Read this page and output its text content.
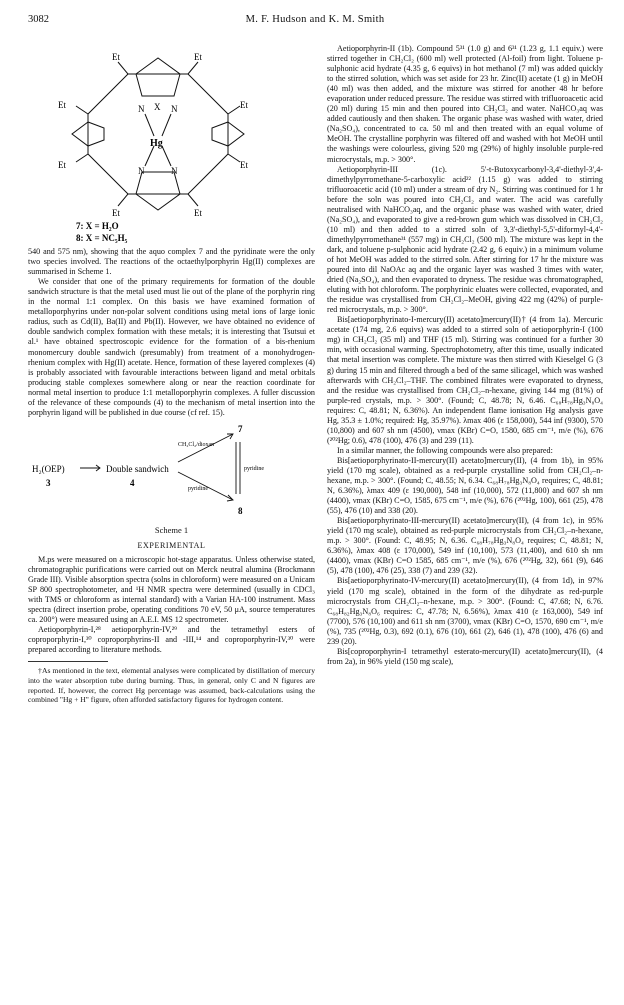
3082	M. F. Hudson and K. M. Smith
Et	Et
Et	Et
Et	Et
Et	Et
N	N
N	N
X
Hg
7: X = H₂O
8: X = NC₅H₅

540 and 575 nm), showing that the aquo complex 7 and the pyridinate were the only two species involved. The reactions of the octaethylporphyrin Hg(II) complexes are summarised in Scheme 1.

We consider that one of the primary requirements for formation of the double sandwich structure is that the metal used must lie out of the plane of the porphyrin ring in the normal 1:1 complex. On this basis we have examined formation of metalloporphyrins under non-polar solvent conditions using metal ions of large ionic radius, such as Cd(II), Ba(II) and Pb(II). However, we have obtained no evidence of double sandwich complex formation with these metals; it is interesting that Tsutsui et al.¹ have obtained spectroscopic evidence for the formation of a bis-rhenium monomercury double sandwich (presumably) from treatment of a monohydrogen-rhenium complex with Hg(II) acetate. Hence, formation of these layered complexes (4) is probably associated with favourable interactions between ligand and metal orbitals producing stable complexes somewhere along or near the reaction coordinate for normal metal insertion to produce 1:1 metalloporphyrin complexes. A fuller discussion of the relevance of these compounds (4) to the mechanism of metal insertion into the porphyrin ligand will be published in due course (cf ref. 15).

H₂(OEP)
3
Double sandwich
4
7
8
CH₂Cl₂/dioxan
pyridine
pyridine
Scheme 1
EXPERIMENTAL

M.ps were measured on a microscopic hot-stage apparatus. Unless otherwise stated, chromatographic purifications were carried out on Merck neutral alumina (Brockmann Grade III). Visible absorption spectra (solns in chloroform) were measured on a Unicam SP 800 spectrophotometer, and ¹H NMR spectra were determined (usually in CDCl₃ with TMS or chloroform as internal standard) with a Varian HA-100 instrument. Mass spectra (direct insertion probe, operating conditions 70 eV, 50 μA, source temperatures ca. 200°) were measured using an A.E.I. MS 12 spectrometer.

Aetioporphyrin-I,²⁸ aetioporphyrin-IV,²⁹ and the tetramethyl esters of coproporphyrin-I,³⁰ coproporphyrins-II and -III,¹⁴ and coproporphyrin-IV,³⁰ were prepared according to literature methods.

†As mentioned in the text, elemental analyses were complicated by distillation of mercury into the water absorption tube during burning. Thus, in general, only C and N figures are reported. If, however, the correct Hg percentage was assumed, back-calculations using the combined "Hg + H" figure, often afforded satisfactory figures for hydrogen content.

Aetioporphyrin-II (1b). Compound 5³¹ (1.0 g) and 6³¹ (1.23 g, 1.1 equiv.) were stirred together in CH₂Cl₂ (600 ml) well protected (Al-foil) from light. Toluene p-sulphonic acid hydrate (4.35 g, 6 equivs) in hot methanol (7 ml) was added quickly to the stirred solution, which was set aside for 23 hr. Zinc(II) acetate (1 g) in MeOH (40 ml) was then added, and the mixture was stirred for another 48 hr before evaporation under reduced pressure. The residue was stirred with trifluoroacetic acid (20 ml) during 15 min and then poured into CH₂Cl₂ and water. NaHCO₃aq was added cautiously and then shaken. The organic phase was washed with water, dried (Na₂SO₄), concentrated to ca. 50 ml and then treated with an equal volume of MeOH. The crystalline porphyrin was filtered off and washed with hot MeOH until the washings were colourless, giving 520 mg (29%) of highly insoluble purple-red microcrystals, m.p. > 300°.

Aetioporphyrin-III (1c). 5'-t-Butoxycarbonyl-3,4'-diethyl-3',4-dimethylpyrromethane-5-carboxylic acid²² (1.15 g) was added to stirring trifluoroacetic acid (10 ml) under a stream of dry N₂. Stirring was continued for 1 hr before the soln was poured into CH₂Cl₂ and water. The acid was carefully neutralised with NaHCO₃aq, and the organic phase was washed with water, dried (Na₂SO₄), and evaporated to give a red-brown gum which was dissolved in CH₂Cl₂ (10 ml) and then added to a stirred soln of 3,3'-diethyl-5,5'-diformyl-4,4'-dimethylpyrromethane³¹ (557 mg) in CH₂Cl₂ (500 ml). The mixture was kept in the dark, and toluene p-sulphonic acid hydrate (2.42 g, 6 equiv.) in a minimum volume of hot MeOH was added to the stirred soln. After stirring for 17 hr the mixture was poured into dil NaOAc aq and the organic layer was washed 3 times with water, dried (Na₂SO₄), and then evaporated to dryness. The residue was chromatographed, eluting with hot chloroform. The porphyrinic eluates were collected, evaporated, and the residue was crystallised from CH₂Cl₂–MeOH, giving 422 mg (42%) of purple-red microcrystals, m.p. > 300°.

Bis[aetioporphyrinato-I-mercury(II) acetato]mercury(II)† (4 from 1a). Mercuric acetate (174 mg, 2.6 equivs) was added to a stirred soln of aetioporphyrin-I (100 mg) in CH₂Cl₂ (35 ml) and THF (15 ml). Stirring was continued for a further 30 min, with occasional warming. Spectrophotometry, after this time, usually indicated that metal insertion was complete. The mixture was then stirred with Kieselgel G (3 g) during 15 min and filtered through a bed of the same silicagel, which was washed afterwards with CH₂Cl₂–THF. The combined filtrates were evaporated to dryness, and the residue was crystallised from CH₂Cl₂–n-hexane, giving 144 mg (81%) of purple-red crystals, m.p. > 300°. (Found; C, 48.78; N, 6.46. C₆₈H₇₈Hg₃N₈O₄ requires: C, 48.81; N, 6.36%). An independent flame ionisation Hg analysis gave Hg, 35.3 ± 1.0%; required: Hg, 35.97%). λmax 406 (ε 158,000), 544 inf (9300), 570 (10,800) and 607 sh nm (4500), νmax (KBr) C=O, 1580, 685 cm⁻¹, m/e (%), 676 (²⁰²Hg; 0.6), 478 (100), 476 (3) and 239 (11).

In a similar manner, the following compounds were also prepared:

Bis[aetioporphyrinato-II-mercury(II) acetato]mercury(II), (4 from 1b), in 95% yield (170 mg scale), obtained as a red-purple crystalline solid from CH₂Cl₂–n-hexane, m.p. > 300°. (Found; C, 48.55; N, 6.34. C₆₈H₇₈Hg₃N₈O₄ requires; C, 48.81; N, 6.36%), λmax 409 (ε 190,000), 548 inf (10,000), 572 (11,800) and 607 sh nm (4400), νmax (KBr) C=O, 1585, 675 cm⁻¹, m/e (%), 676 (²⁰²Hg, 100), 661 (25), 478 (55), 476 (10) and 338 (20).

Bis[aetioporphyrinato-III-mercury(II) acetato]mercury(II), (4 from 1c), in 95% yield (170 mg scale), obtained as red-purple microcrystals from CH₂Cl₂–n-hexane, m.p. > 300°. (Found: C, 48.95; N, 6.36. C₆₈H₇₈Hg₃N₈O₄ requires; C, 48.81; N, 6.36%), λmax 408 (ε 170,000), 549 inf (10,100), 573 (11,400), and 610 sh nm (4400), νmax (KBr) C=O 1585, 685 cm⁻¹, m/e (%), 676 (²⁰²Hg, 32), 661 (9), 646 (5), 478 (100), 476 (25), 338 (7) and 239 (32).

Bis[aetioporphyrinato-IV-mercury(II) acetato]mercury(II), (4 from 1d), in 97% yield (170 mg scale), obtained in the form of the dihydrate as red-purple microcrystals from CH₂Cl₂–n-hexane, m.p. > 300°. (Found: C, 47.68; N, 6.76. C₆₈H₈₂Hg₃N₈O₆ requires: C, 47.78; N, 6.56%), λmax 410 (ε 163,000), 549 inf (7700), 576 (10,100) and 611 sh nm (3700), νmax (KBr) C=O, 1570, 690 cm⁻¹, m/e (%), 735 (²⁰²Hg, 0.3), 692 (0.1), 676 (10), 661 (2), 646 (1), 478 (100), 476 (6) and 239 (20).

Bis[coproporphyrin-I tetramethyl esterato-mercury(II) acetato]mercury(II), (4 from 2a), in 96% yield (150 mg scale),
